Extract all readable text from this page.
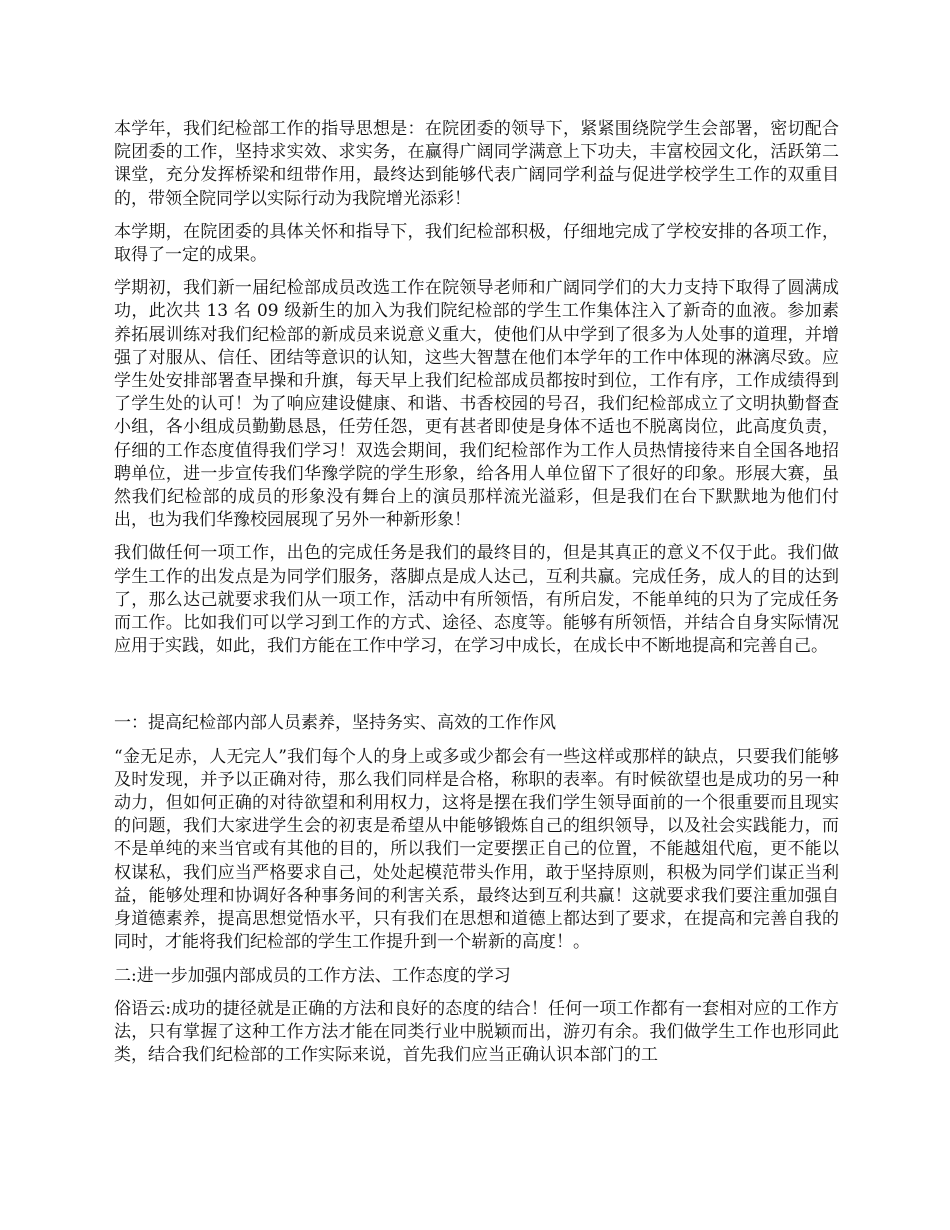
本学年，我们纪检部工作的指导思想是：在院团委的领导下，紧紧围绕院学生会部署，密切配合院团委的工作，坚持求实效、求实务，在赢得广阔同学满意上下功夫，丰富校园文化，活跃第二课堂，充分发挥桥梁和纽带作用，最终达到能够代表广阔同学利益与促进学校学生工作的双重目的，带领全院同学以实际行动为我院增光添彩！

本学期，在院团委的具体关怀和指导下，我们纪检部积极，仔细地完成了学校安排的各项工作，取得了一定的成果。

学期初，我们新一届纪检部成员改选工作在院领导老师和广阔同学们的大力支持下取得了圆满成功，此次共 13 名 09 级新生的加入为我们院纪检部的学生工作集体注入了新奇的血液。参加素养拓展训练对我们纪检部的新成员来说意义重大，使他们从中学到了很多为人处事的道理，并增强了对服从、信任、团结等意识的认知，这些大智慧在他们本学年的工作中体现的淋漓尽致。应学生处安排部署查早操和升旗，每天早上我们纪检部成员都按时到位，工作有序，工作成绩得到了学生处的认可！为了响应建设健康、和谐、书香校园的号召，我们纪检部成立了文明执勤督查小组，各小组成员勤勤恳恳，任劳任怨，更有甚者即使是身体不适也不脱离岗位，此高度负责，仔细的工作态度值得我们学习！双选会期间，我们纪检部作为工作人员热情接待来自全国各地招聘单位，进一步宣传我们华豫学院的学生形象，给各用人单位留下了很好的印象。形展大赛，虽然我们纪检部的成员的形象没有舞台上的演员那样流光溢彩，但是我们在台下默默地为他们付出，也为我们华豫校园展现了另外一种新形象！

我们做任何一项工作，出色的完成任务是我们的最终目的，但是其真正的意义不仅于此。我们做学生工作的出发点是为同学们服务，落脚点是成人达己，互利共赢。完成任务，成人的目的达到了，那么达己就要求我们从一项工作，活动中有所领悟，有所启发，不能单纯的只为了完成任务而工作。比如我们可以学习到工作的方式、途径、态度等。能够有所领悟，并结合自身实际情况应用于实践，如此，我们方能在工作中学习，在学习中成长，在成长中不断地提高和完善自己。

一：提高纪检部内部人员素养，坚持务实、高效的工作作风

“金无足赤，人无完人”我们每个人的身上或多或少都会有一些这样或那样的缺点，只要我们能够及时发现，并予以正确对待，那么我们同样是合格，称职的表率。有时候欲望也是成功的另一种动力，但如何正确的对待欲望和利用权力，这将是摆在我们学生领导面前的一个很重要而且现实的问题，我们大家进学生会的初衷是希望从中能够锻炼自己的组织领导，以及社会实践能力，而不是单纯的来当官或有其他的目的，所以我们一定要摆正自己的位置，不能越俎代庖，更不能以权谋私，我们应当严格要求自己，处处起模范带头作用，敢于坚持原则，积极为同学们谋正当利益，能够处理和协调好各种事务间的利害关系，最终达到互利共赢！这就要求我们要注重加强自身道德素养，提高思想觉悟水平，只有我们在思想和道德上都达到了要求，在提高和完善自我的同时，才能将我们纪检部的学生工作提升到一个崭新的高度！。

二:进一步加强内部成员的工作方法、工作态度的学习

俗语云:成功的捷径就是正确的方法和良好的态度的结合！任何一项工作都有一套相对应的工作方法，只有掌握了这种工作方法才能在同类行业中脱颖而出，游刃有余。我们做学生工作也形同此类，结合我们纪检部的工作实际来说，首先我们应当正确认识本部门的工
